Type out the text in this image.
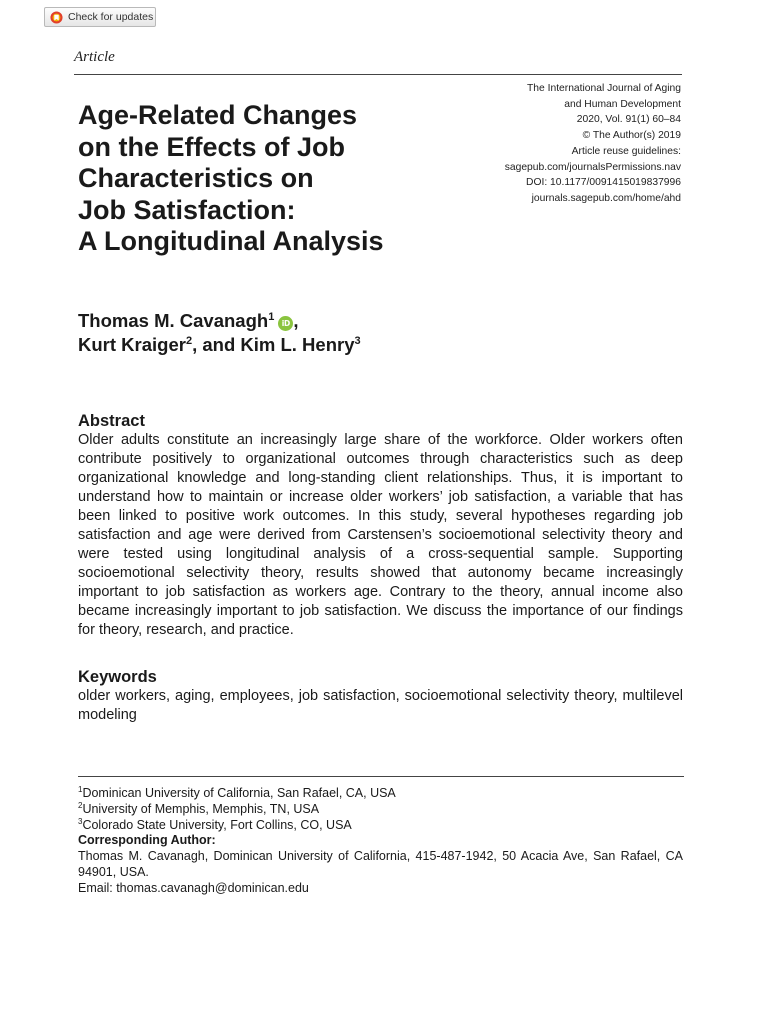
Check for updates
Article
The International Journal of Aging
and Human Development
2020, Vol. 91(1) 60–84
© The Author(s) 2019
Article reuse guidelines:
sagepub.com/journalsPermissions.nav
DOI: 10.1177/0091415019837996
journals.sagepub.com/home/ahd
Age-Related Changes
on the Effects of Job
Characteristics on
Job Satisfaction:
A Longitudinal Analysis
Thomas M. Cavanagh$^1$iD ,
Kurt Kraiger$^2$, and Kim L. Henry$^3$
Abstract

Older adults constitute an increasingly large share of the workforce. Older workers often contribute positively to organizational outcomes through characteristics such as deep organizational knowledge and long-standing client relationships. Thus, it is important to understand how to maintain or increase older workers’ job satisfaction, a variable that has been linked to positive work outcomes. In this study, several hypotheses regarding job satisfaction and age were derived from Carstensen’s socioemotional selectivity theory and were tested using longitudinal analysis of a cross-sequential sample. Supporting socioemotional selectivity theory, results showed that autonomy became increasingly important to job satisfaction as workers age. Contrary to the theory, annual income also became increasingly important to job satisfaction. We discuss the importance of our findings for theory, research, and practice.

Keywords

older workers, aging, employees, job satisfaction, socioemotional selectivity theory, multilevel modeling

$^1$Dominican University of California, San Rafael, CA, USA
$^2$University of Memphis, Memphis, TN, USA
$^3$Colorado State University, Fort Collins, CO, USA
Corresponding Author:
Thomas M. Cavanagh, Dominican University of California, 415-487-1942, 50 Acacia Ave, San Rafael, CA 94901, USA.
Email: thomas.cavanagh@dominican.edu
